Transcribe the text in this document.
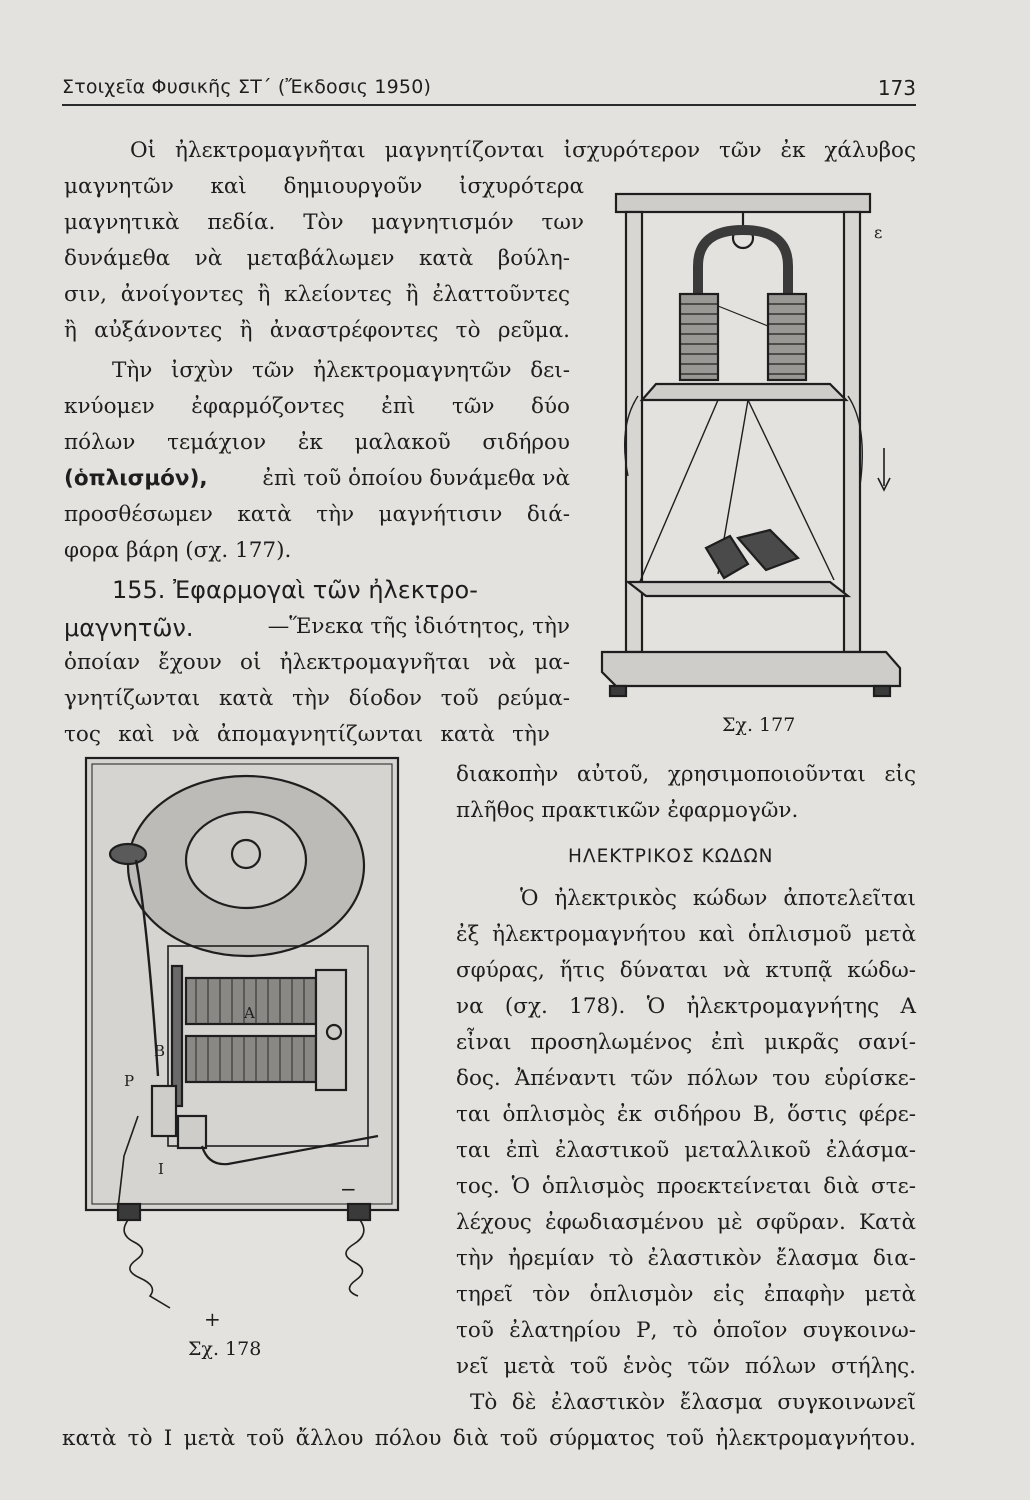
Στοιχεῖα Φυσικῆς ΣΤ΄ (Ἔκδοσις 1950)	173
Οἱ ἠλεκτρομαγνῆται μαγνητίζονται ἰσχυρότερον τῶν ἐκ χάλυβος
μαγνητῶν καὶ δημιουργοῦν ἰσχυρότερα
μαγνητικὰ πεδία. Τὸν μαγνητισμόν των
δυνάμεθα νὰ μεταβάλωμεν κατὰ βούλη-
σιν, ἀνοίγοντες ἢ κλείοντες ἢ ἐλαττοῦντες
ἢ αὐξάνοντες ἢ ἀναστρέφοντες τὸ ρεῦμα.
Τὴν ἰσχὺν τῶν ἠλεκτρομαγνητῶν δει-
κνύομεν ἐφαρμόζοντες ἐπὶ τῶν δύο
πόλων τεμάχιον ἐκ μαλακοῦ σιδήρου
(ὁπλισμόν),	ἐπὶ τοῦ ὁποίου δυνάμεθα νὰ
προσθέσωμεν κατὰ τὴν μαγνήτισιν διά-
φορα βάρη (σχ. 177).
155. Ἐφαρμογαὶ τῶν ἠλεκτρο-
μαγνητῶν.	—Ἕνεκα τῆς ἰδιότητος, τὴν
ὁποίαν ἔχουν οἱ ἠλεκτρομαγνῆται νὰ μα-
γνητίζωνται κατὰ τὴν δίοδον τοῦ ρεύμα-
τος καὶ νὰ ἀπομαγνητίζωνται κατὰ τὴν
διακοπὴν αὐτοῦ, χρησιμοποιοῦνται εἰς
πλῆθος πρακτικῶν ἐφαρμογῶν.
ΗΛΕΚΤΡΙΚΟΣ ΚΩΔΩΝ
Ὁ ἠλεκτρικὸς κώδων ἀποτελεῖται
ἐξ ἠλεκτρομαγνήτου καὶ ὁπλισμοῦ μετὰ
σφύρας, ἥτις δύναται νὰ κτυπᾷ κώδω-
να (σχ. 178). Ὁ ἠλεκτρομαγνήτης Α
εἶναι προσηλωμένος ἐπὶ μικρᾶς σανί-
δος. Ἀπέναντι τῶν πόλων του εὑρίσκε-
ται ὁπλισμὸς ἐκ σιδήρου Β, ὅστις φέρε-
ται ἐπὶ ἐλαστικοῦ μεταλλικοῦ ἐλάσμα-
τος. Ὁ ὁπλισμὸς προεκτείνεται διὰ στε-
λέχους ἐφωδιασμένου μὲ σφῦραν. Κατὰ
τὴν ἠρεμίαν τὸ ἐλαστικὸν ἔλασμα δια-
τηρεῖ τὸν ὁπλισμὸν εἰς ἐπαφὴν μετὰ
τοῦ ἐλατηρίου Ρ, τὸ ὁποῖον συγκοινω-
νεῖ μετὰ τοῦ ἑνὸς τῶν πόλων στήλης.
Τὸ δὲ ἐλαστικὸν ἔλασμα συγκοινωνεῖ
κατὰ τὸ Ι μετὰ τοῦ ἄλλου πόλου διὰ τοῦ σύρματος τοῦ ἠλεκτρομαγνήτου.
ε
Σχ. 177
B
A
P
I
+
−
Σχ. 178
